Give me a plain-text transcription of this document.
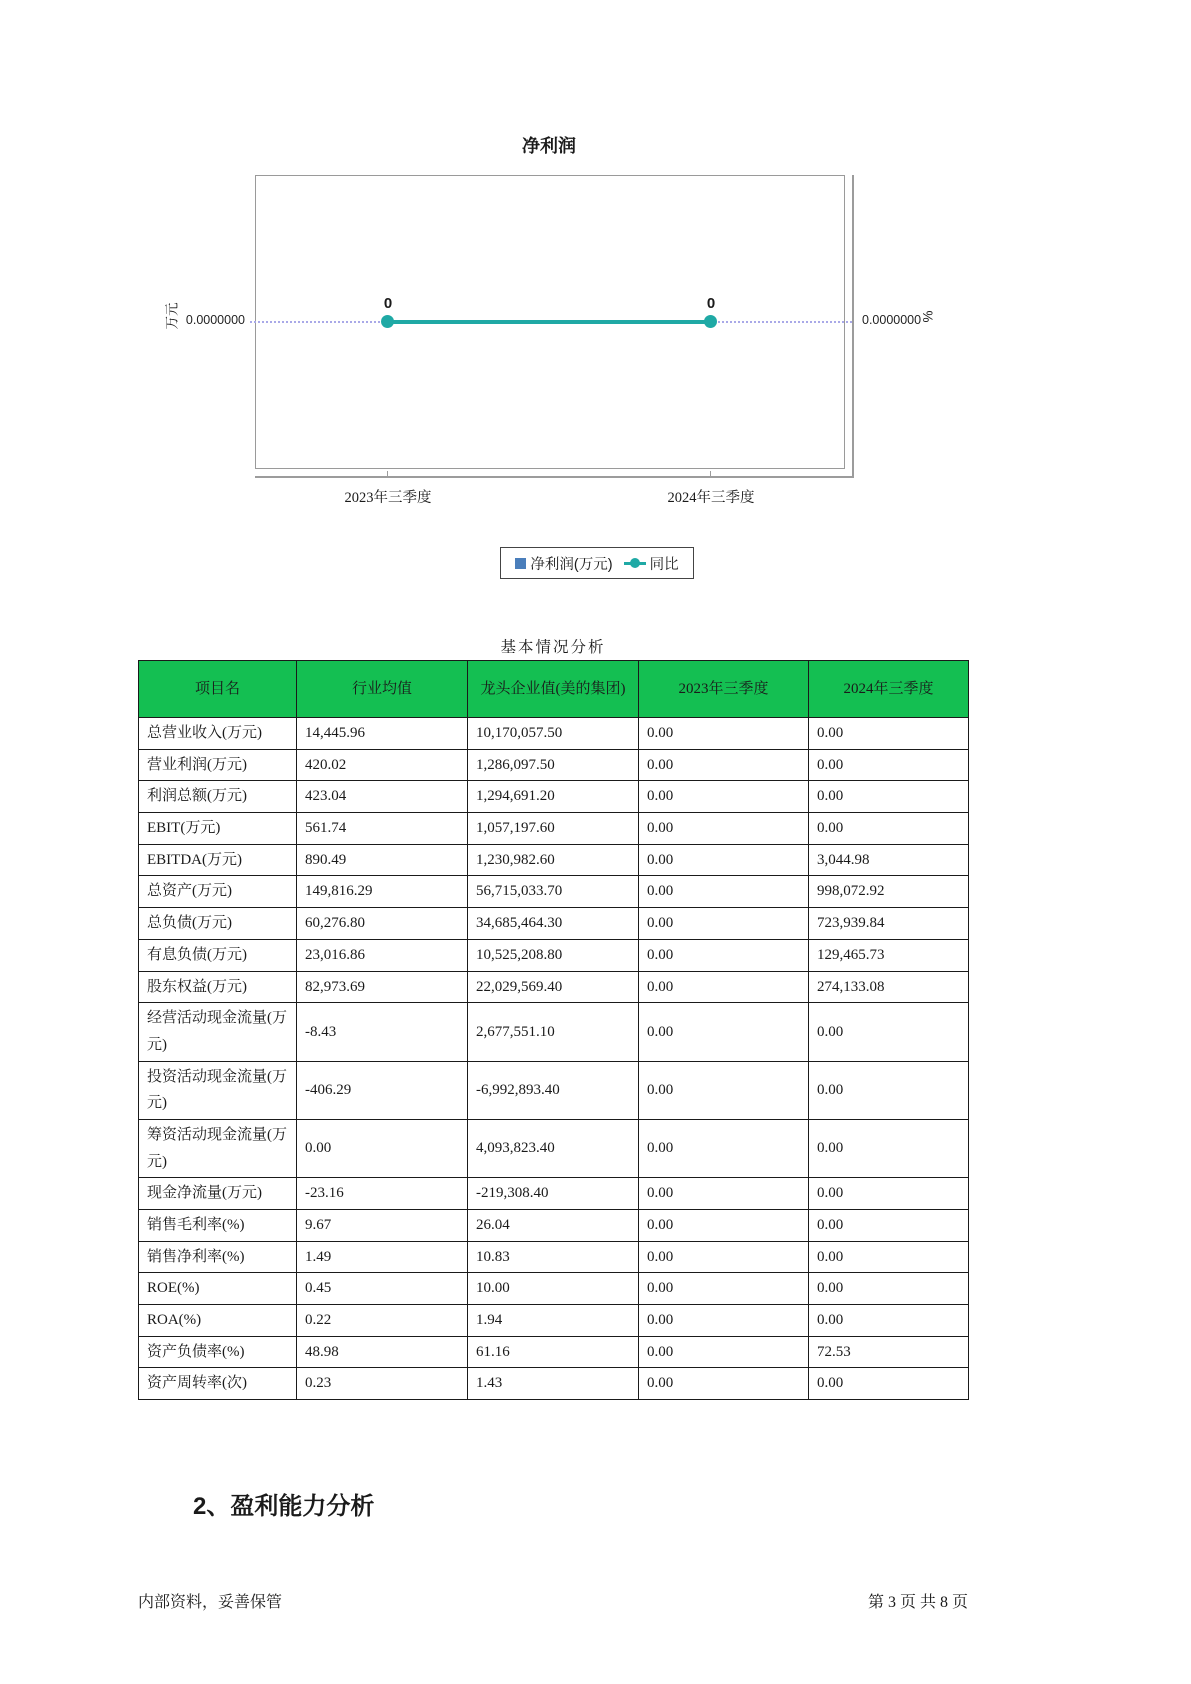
净利润
0	0
万元 0.0000000	0.0000000 %
2023年三季度	2024年三季度
净利润(万元)	同比
基本情况分析
项目名	行业均值	龙头企业值(美的集团)	2023年三季度	2024年三季度
总营业收入(万元)	14,445.96	10,170,057.50	0.00	0.00
营业利润(万元)	420.02	1,286,097.50	0.00	0.00
利润总额(万元)	423.04	1,294,691.20	0.00	0.00
EBIT(万元)	561.74	1,057,197.60	0.00	0.00
EBITDA(万元)	890.49	1,230,982.60	0.00	3,044.98
总资产(万元)	149,816.29	56,715,033.70	0.00	998,072.92
总负债(万元)	60,276.80	34,685,464.30	0.00	723,939.84
有息负债(万元)	23,016.86	10,525,208.80	0.00	129,465.73
股东权益(万元)	82,973.69	22,029,569.40	0.00	274,133.08
经营活动现金流量(万元)	-8.43	2,677,551.10	0.00	0.00
投资活动现金流量(万元)	-406.29	-6,992,893.40	0.00	0.00
筹资活动现金流量(万元)	0.00	4,093,823.40	0.00	0.00
现金净流量(万元)	-23.16	-219,308.40	0.00	0.00
销售毛利率(%)	9.67	26.04	0.00	0.00
销售净利率(%)	1.49	10.83	0.00	0.00
ROE(%)	0.45	10.00	0.00	0.00
ROA(%)	0.22	1.94	0.00	0.00
资产负债率(%)	48.98	61.16	0.00	72.53
资产周转率(次)	0.23	1.43	0.00	0.00
2、盈利能力分析
内部资料，妥善保管	第 3 页 共 8 页
